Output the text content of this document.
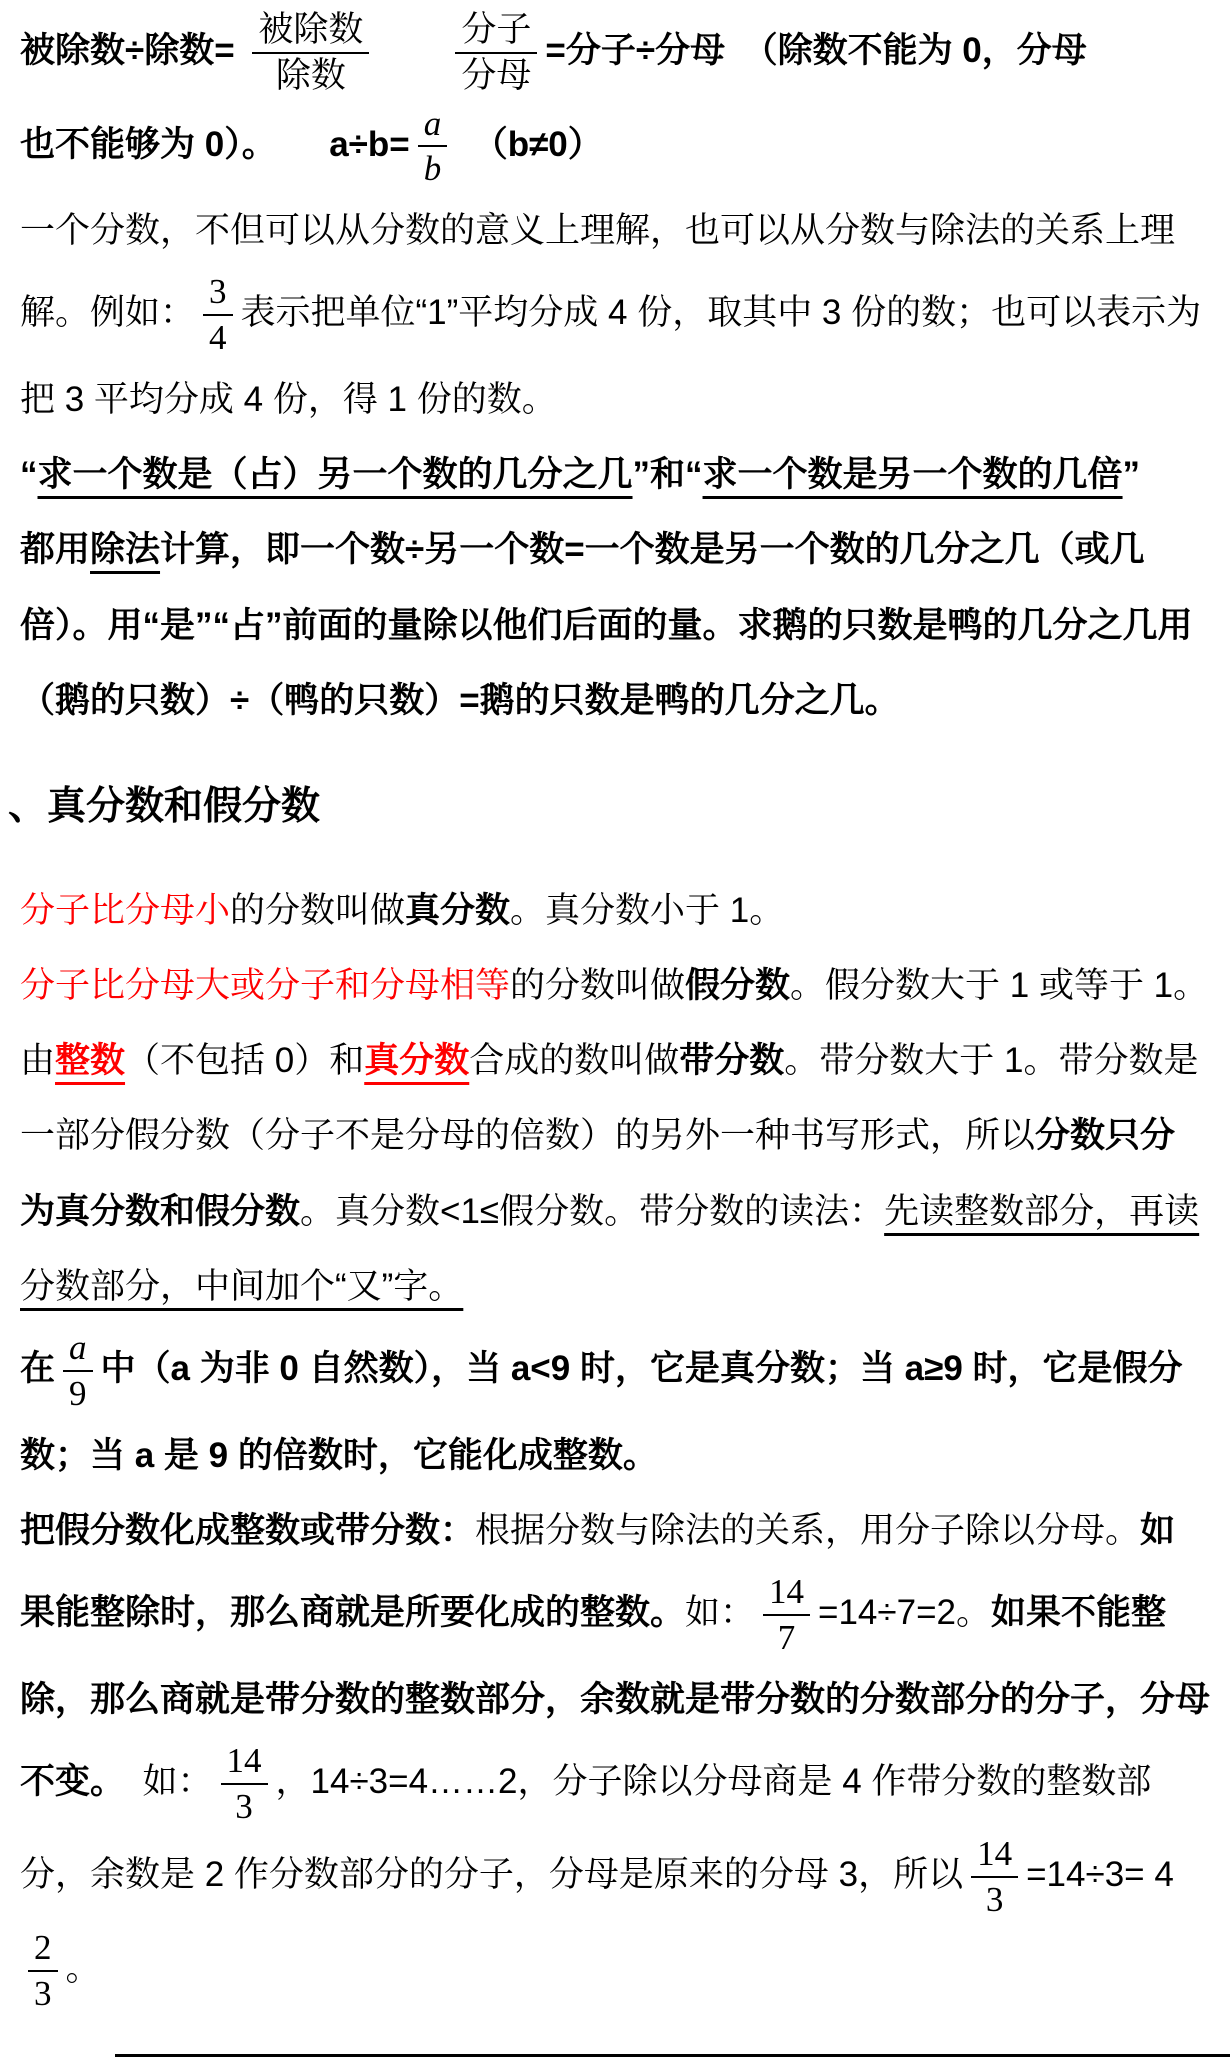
被除数÷除数= $\frac{\text{被除数}}{\text{除数}}$
　　 $\frac{\text{分子}}{\text{分母}}$ =分子÷分母　（除数不能为 0，分母
也不能够为 0）。　　$a\div b= \frac{a}{b}$ 　（b≠0）

一个分数，不但可以从分数的意义上理解，也可以从分数与除法的关系上理解。例如： $\frac{3}{4}$ 表示把单位“1”平均分成 4 份，取其中 3 份的数；也可以表示为把 3 平均分成 4 份，得 1 份的数。

“求一个数是（占）另一个数的几分之几”和“求一个数是另一个数的几倍”
都用除法计算，即一个数÷另一个数=一个数是另一个数的几分之几（或几倍）。用“是”“占”前面的量除以他们后面的量。求鹅的只数是鸭的几分之几用（鹅的只数）÷（鸭的只数）=鹅的只数是鸭的几分之几。

、真分数和假分数

分子比分母小的分数叫做真分数。真分数小于 1。

分子比分母大或分子和分母相等的分数叫做假分数。假分数大于 1 或等于 1。

由整数（不包括 0）和真分数合成的数叫做带分数。带分数大于 1。带分数是一部分假分数（分子不是分母的倍数）的另外一种书写形式，所以分数只分为真分数和假分数。真分数<1≤假分数。带分数的读法：先读整数部分，再读分数部分，中间加个“又”字。

在 $\frac{a}{9}$ 中（a 为非 0 自然数），当 a<9 时，它是真分数；当 a≥9 时，它是假分数；当 a 是 9 的倍数时，它能化成整数。

把假分数化成整数或带分数：根据分数与除法的关系，用分子除以分母。如果能整除时，那么商就是所要化成的整数。如： $\frac{14}{7} =14\div 7=2$。如果不能整除，那么商就是带分数的整数部分，余数就是带分数的分数部分的分子，分母不变。　如： $\frac{14}{3}$ ，14÷3=4……2，分子除以分母商是 4 作带分数的整数部分，余数是 2 作分数部分的分子，分母是原来的分母 3，所以 $\frac{14}{3} =14\div 3= 4$
$\frac{2}{3}$ 。
